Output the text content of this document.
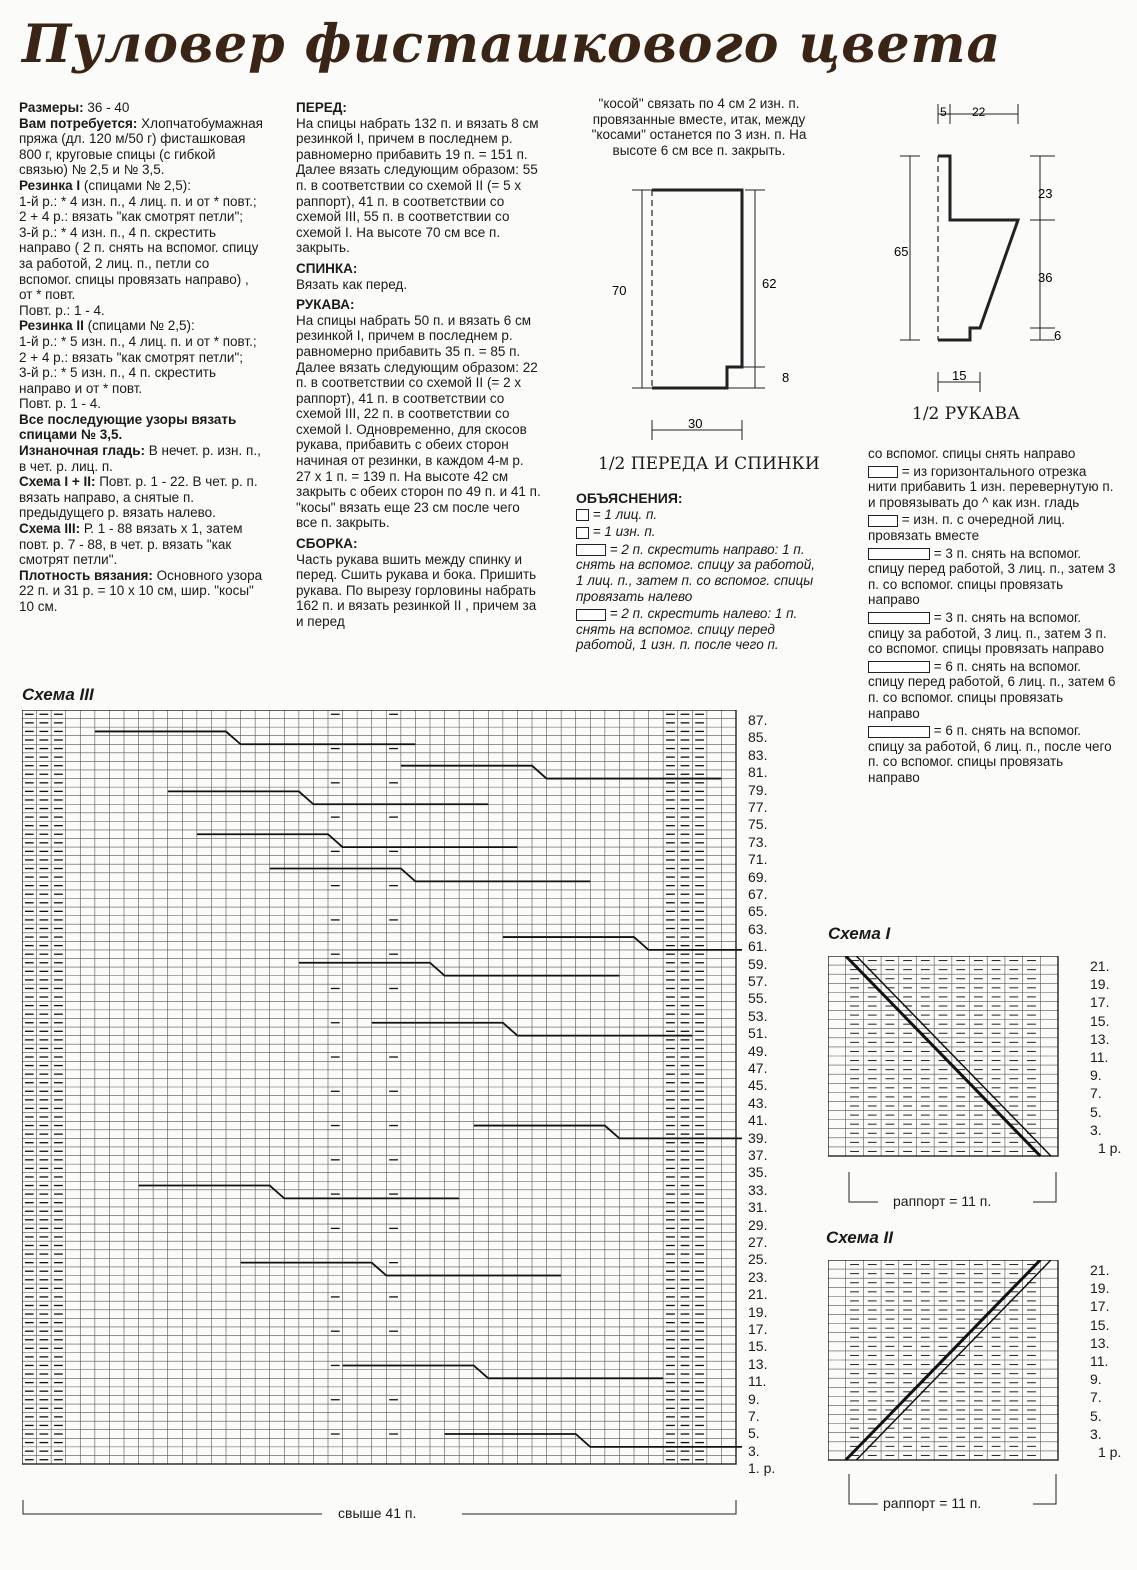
Пуловер фисташкового цвета

Размеры: 36 - 40

Вам потребуется: Хлопчатобумажная пряжа (дл. 120 м/50 г) фисташковая 800 г, круговые спицы (с гибкой связью) № 2,5 и № 3,5.

Резинка I (спицами № 2,5):

1-й р.: * 4 изн. п., 4 лиц. п. и от * повт.;

2 + 4 р.: вязать "как смотрят петли";

3-й р.: * 4 изн. п., 4 п. скрестить направо ( 2 п. снять на вспомог. спицу за работой, 2 лиц. п., петли со вспомог. спицы провязать направо) , от * повт.

Повт. р.: 1 - 4.

Резинка II (спицами № 2,5):

1-й р.: * 5 изн. п., 4 лиц. п. и от * повт.;

2 + 4 р.: вязать "как смотрят петли";

3-й р.: * 5 изн. п., 4 п. скрестить направо и от * повт.

Повт. р. 1 - 4.

Все последующие узоры вязать спицами № 3,5.

Изнаночная гладь: В нечет. р. изн. п., в чет. р. лиц. п.

Схема I + II: Повт. р. 1 - 22. В чет. р. п. вязать направо, а снятые п. предыдущего р. вязать налево.

Схема III: Р. 1 - 88 вязать х 1, затем повт. р. 7 - 88, в чет. р. вязать "как смотрят петли".

Плотность вязания: Основного узора 22 п. и 31 р. = 10 х 10 см, шир. "косы" 10 см.

ПЕРЕД:
На спицы набрать 132 п. и вязать 8 см резинкой I, причем в последнем р. равномерно прибавить 19 п. = 151 п. Далее вязать следующим образом: 55 п. в соответствии со схемой II (= 5 х раппорт), 41 п. в соответствии со схемой III, 55 п. в соответствии со схемой I. На высоте 70 см все п. закрыть.

СПИНКА:
Вязать как перед.

РУКАВА:
На спицы набрать 50 п. и вязать 6 см резинкой I, причем в последнем р. равномерно прибавить 35 п. = 85 п. Далее вязать следующим образом: 22 п. в соответствии со схемой II (= 2 х раппорт), 41 п. в соответствии со схемой III, 22 п. в соответствии со схемой I. Одновременно, для скосов рукава, прибавить с обеих сторон начиная от резинки, в каждом 4-м р. 27 х 1 п. = 139 п. На высоте 42 см закрыть с обеих сторон по 49 п. и 41 п. "косы" вязать еще 23 см после чего все п. закрыть.

СБОРКА:
Часть рукава вшить между спинку и перед. Сшить рукава и бока. Пришить рукава. По вырезу горловины набрать 162 п. и вязать резинкой II , причем за и перед

"косой" связать по 4 см 2 изн. п. провязанные вместе, итак, между "косами" останется по 3 изн. п. На высоте 6 см все п. закрыть.

70	62
8
30
1/2 ПЕРЕДА И СПИНКИ
5 22
65
23
36
6
15
1/2 РУКАВА

ОБЪЯСНЕНИЯ:

= 1 лиц. п.

= 1 изн. п.

= 2 п. скрестить направо: 1 п. снять на вспомог. спицу за работой, 1 лиц. п., затем п. со вспомог. спицы провязать налево

= 2 п. скрестить налево: 1 п. снять на вспомог. спицу перед работой, 1 изн. п. после чего п.

со вспомог. спицы снять направо

= из горизонтального отрезка нити прибавить 1 изн. перевернутую п. и провязывать до ^ как изн. гладь

= изн. п. с очередной лиц. провязать вместе

= 3 п. снять на вспомог. спицу перед работой, 3 лиц. п., затем 3 п. со вспомог. спицы провязать направо

= 3 п. снять на вспомог. спицу за работой, 3 лиц. п., затем 3 п. со вспомог. спицы провязать направо

= 6 п. снять на вспомог. спицу перед работой, 6 лиц. п., затем 6 п. со вспомог. спицы провязать направо

= 6 п. снять на вспомог. спицу за работой, 6 лиц. п., после чего п. со вспомог. спицы провязать направо

Схема III
87.
85.
83.
81.
79.
77.
75.
73.
71.
69.
67.
65.
63.
61.
59.
57.
55.
53.
51.
49.
47.
45.
43.
41.
39.
37.
35.
33.
31.
29.
27.
25.
23.
21.
19.
17.
15.
13.
11.
9.
7.
5.
3.
1. р.
свыше 41 п.
Схема I
21.
19.
17.
15.
13.
11.
9.
7.
5.
3.
1 р.
раппорт = 11 п.
Схема II
21.
19.
17.
15.
13.
11.
9.
7.
5.
3.
1 р.
раппорт = 11 п.
